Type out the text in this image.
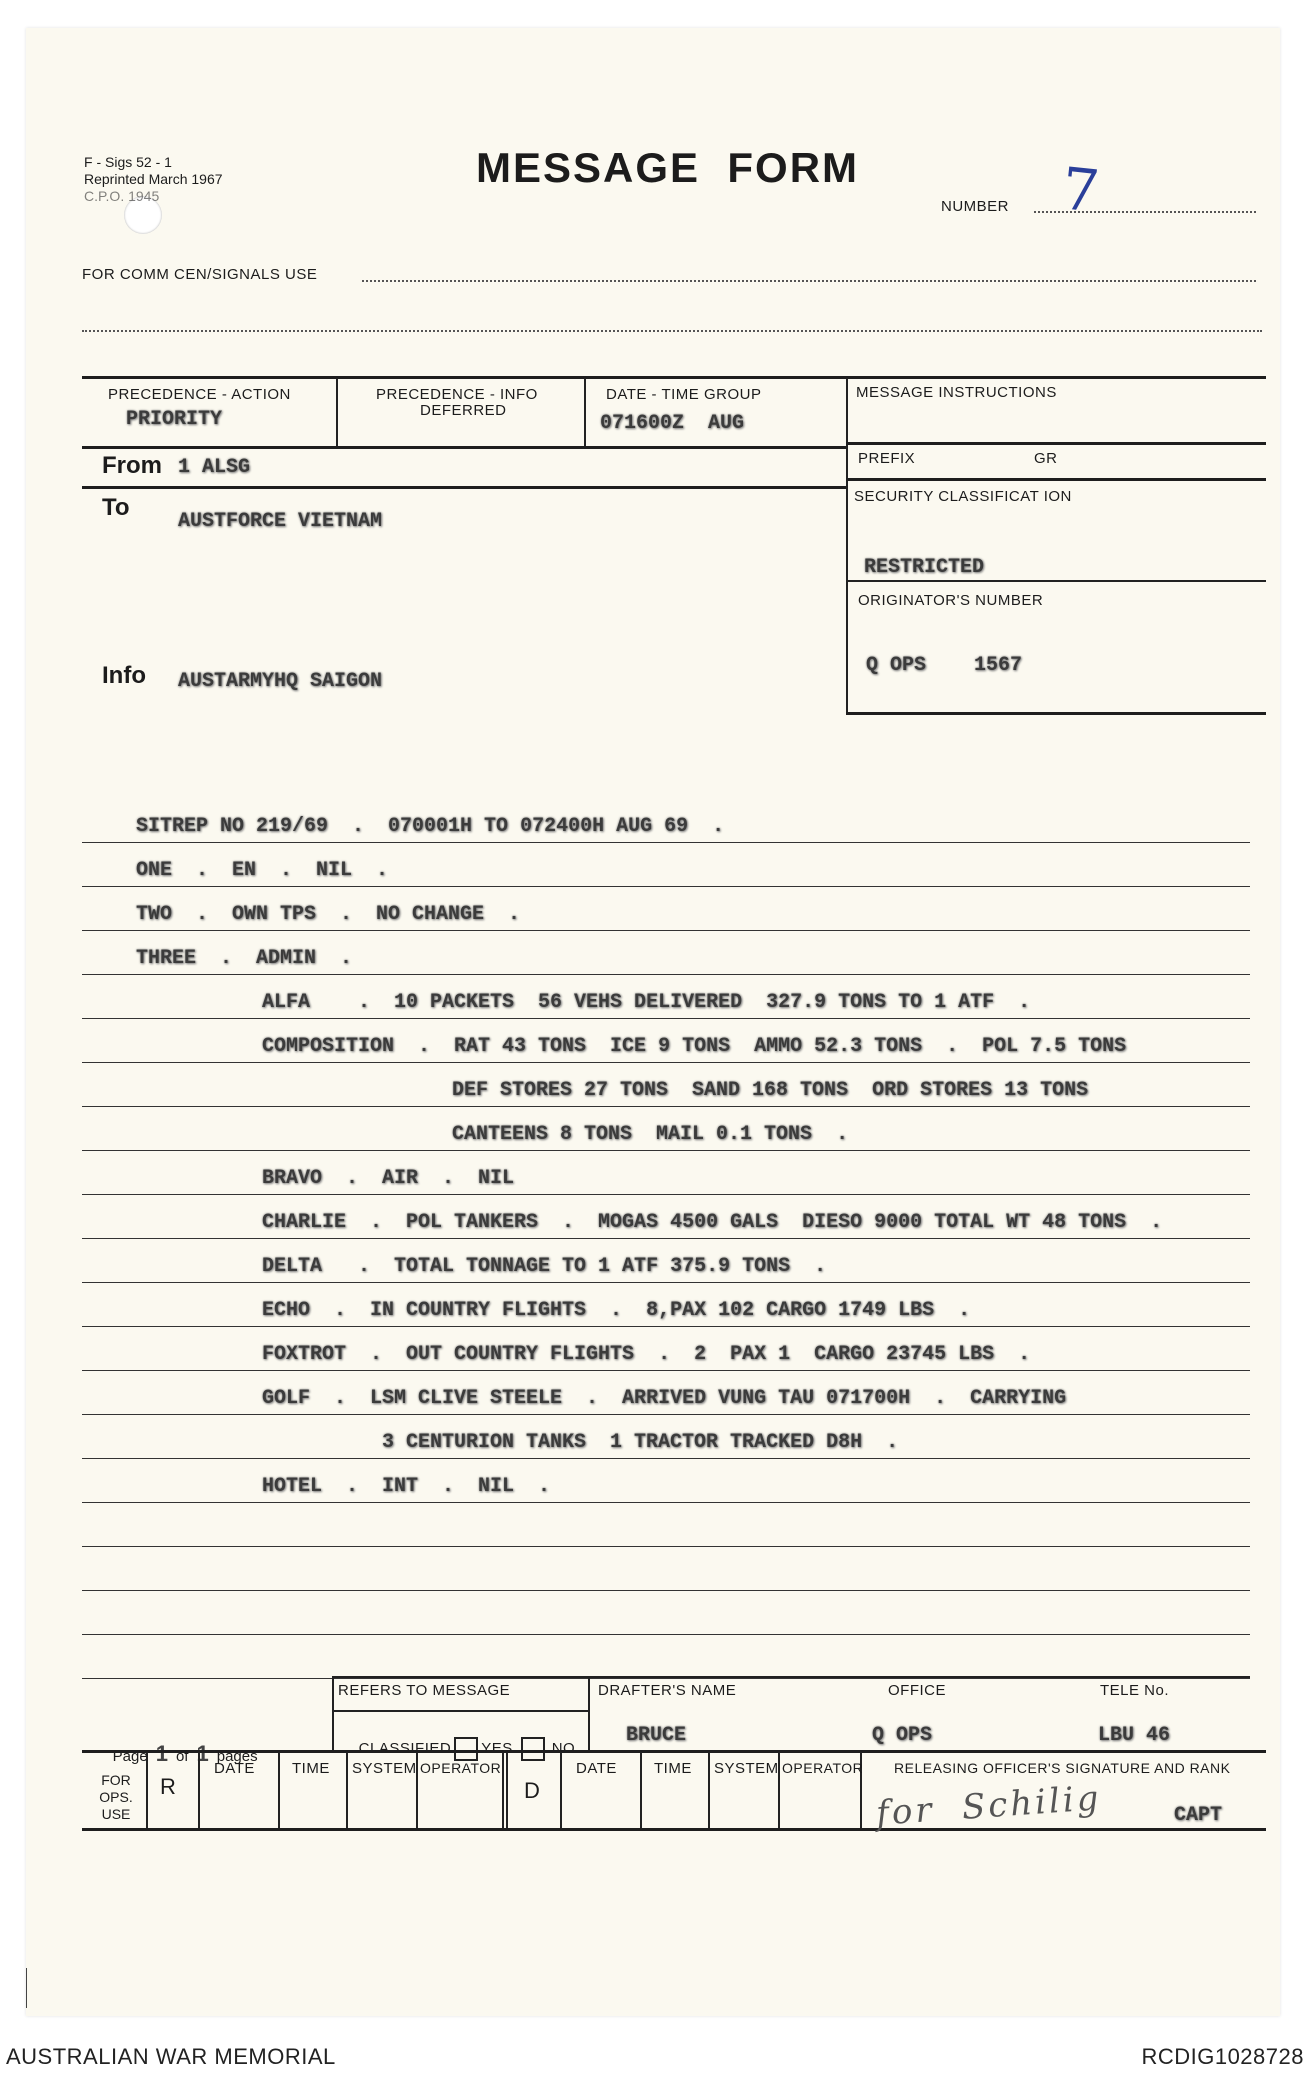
F - Sigs 52 - 1
Reprinted March 1967
C.P.O. 1945
MESSAGE  FORM
NUMBER 7
FOR COMM CEN/SIGNALS USE
PRECEDENCE - ACTION
PRIORITY
PRECEDENCE - INFO
DEFERRED
DATE - TIME GROUP
071600Z  AUG
MESSAGE INSTRUCTIONS
PREFIX	GR
SECURITY CLASSIFICAT ION
RESTRICTED
ORIGINATOR'S NUMBER
Q OPS    1567
From 1 ALSG
To
AUSTFORCE VIETNAM
Info AUSTARMYHQ SAIGON
SITREP NO 219/69  .  070001H TO 072400H AUG 69  .
ONE  .  EN  .  NIL  .
TWO  .  OWN TPS  .  NO CHANGE  .
THREE  .  ADMIN  .
ALFA    .  10 PACKETS  56 VEHS DELIVERED  327.9 TONS TO 1 ATF  .
COMPOSITION  .  RAT 43 TONS  ICE 9 TONS  AMMO 52.3 TONS  .  POL 7.5 TONS
DEF STORES 27 TONS  SAND 168 TONS  ORD STORES 13 TONS
CANTEENS 8 TONS  MAIL 0.1 TONS  .
BRAVO  .  AIR  .  NIL
CHARLIE  .  POL TANKERS  .  MOGAS 4500 GALS  DIESO 9000 TOTAL WT 48 TONS  .
DELTA   .  TOTAL TONNAGE TO 1 ATF 375.9 TONS  .
ECHO  .  IN COUNTRY FLIGHTS  .  8,PAX 102 CARGO 1749 LBS  .
FOXTROT  .  OUT COUNTRY FLIGHTS  .  2  PAX 1  CARGO 23745 LBS  .
GOLF  .  LSM CLIVE STEELE  .  ARRIVED VUNG TAU 071700H  .  CARRYING
3 CENTURION TANKS  1 TRACTOR TRACKED D8H  .
HOTEL  .  INT  .  NIL  .

Page 1 of 1 pages

REFERS TO MESSAGE

CLASSIFIED YES	NO

DRAFTER'S NAME
BRUCE
OFFICE
Q OPS
TELE No.
LBU 46
FOR OPS. USE
R
DATE TIME SYSTEM OPERATOR
D
DATE TIME SYSTEM OPERATOR RELEASING OFFICER'S SIGNATURE AND RANK
for  Schilig	CAPT
AUSTRALIAN WAR MEMORIAL	RCDIG1028728
